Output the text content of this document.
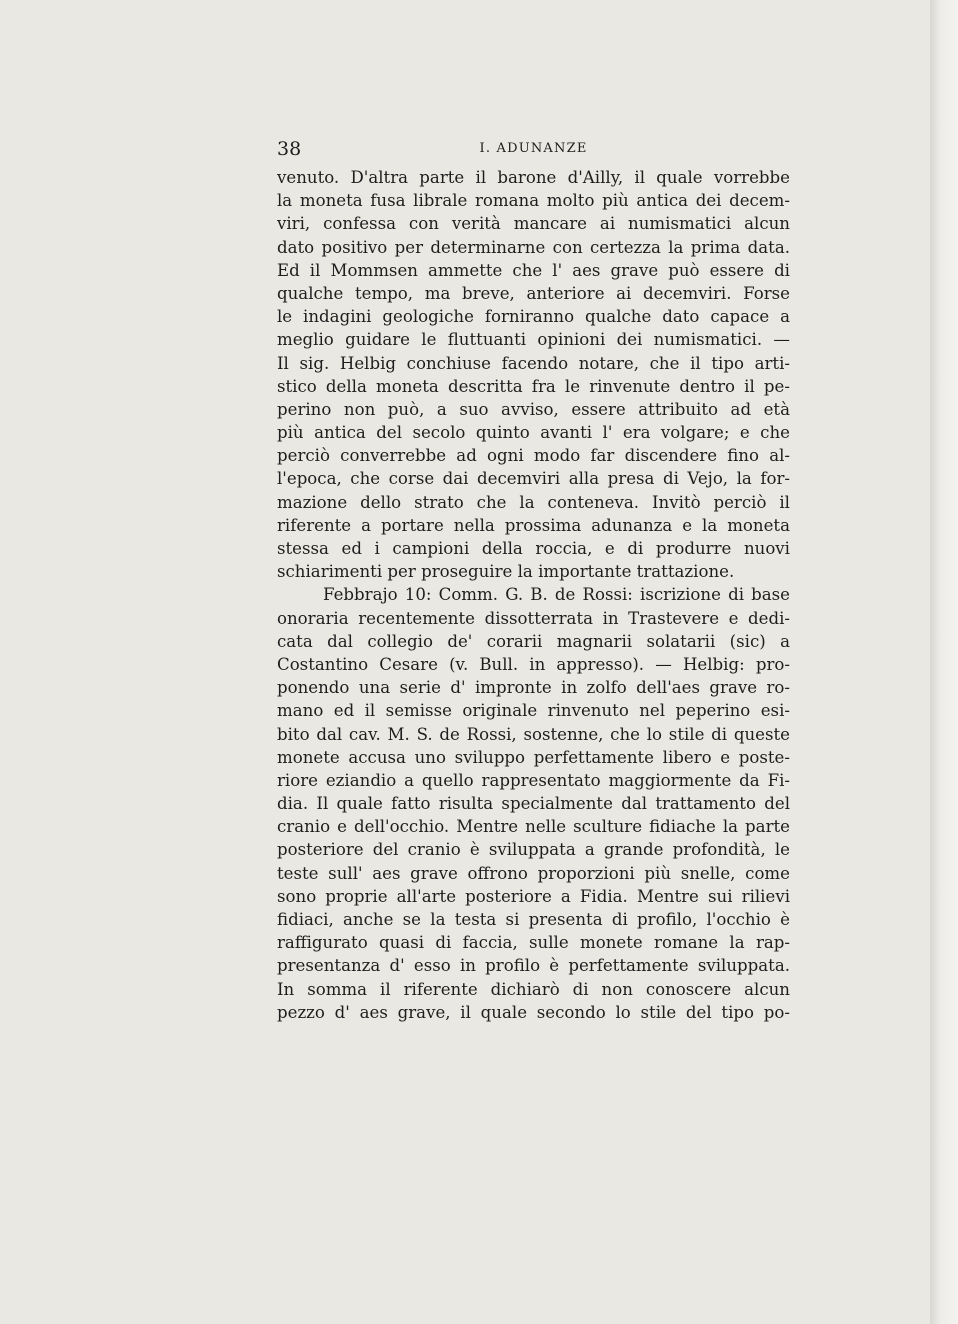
38	I. ADUNANZE
venuto. D'altra parte il barone d'Ailly, il quale vorrebbe
la moneta fusa librale romana molto più antica dei decem-
viri, confessa con verità mancare ai numismatici alcun
dato positivo per determinarne con certezza la prima data.
Ed il Mommsen ammette che l' aes grave può essere di
qualche tempo, ma breve, anteriore ai decemviri. Forse
le indagini geologiche forniranno qualche dato capace a
meglio guidare le fluttuanti opinioni dei numismatici. —
Il sig. Helbig conchiuse facendo notare, che il tipo arti-
stico della moneta descritta fra le rinvenute dentro il pe-
perino non può, a suo avviso, essere attribuito ad età
più antica del secolo quinto avanti l' era volgare; e che
perciò converrebbe ad ogni modo far discendere fino al-
l'epoca, che corse dai decemviri alla presa di Vejo, la for-
mazione dello strato che la conteneva. Invitò perciò il
riferente a portare nella prossima adunanza e la moneta
stessa ed i campioni della roccia, e di produrre nuovi
schiarimenti per proseguire la importante trattazione.
Febbrajo 10: Comm. G. B. de Rossi: iscrizione di base
onoraria recentemente dissotterrata in Trastevere e dedi-
cata dal collegio de' corarii magnarii solatarii (sic) a
Costantino Cesare (v. Bull. in appresso). — Helbig: pro-
ponendo una serie d' impronte in zolfo dell'aes grave ro-
mano ed il semisse originale rinvenuto nel peperino esi-
bito dal cav. M. S. de Rossi, sostenne, che lo stile di queste
monete accusa uno sviluppo perfettamente libero e poste-
riore eziandio a quello rappresentato maggiormente da Fi-
dia. Il quale fatto risulta specialmente dal trattamento del
cranio e dell'occhio. Mentre nelle sculture fidiache la parte
posteriore del cranio è sviluppata a grande profondità, le
teste sull' aes grave offrono proporzioni più snelle, come
sono proprie all'arte posteriore a Fidia. Mentre sui rilievi
fidiaci, anche se la testa si presenta di profilo, l'occhio è
raffigurato quasi di faccia, sulle monete romane la rap-
presentanza d' esso in profilo è perfettamente sviluppata.
In somma il riferente dichiarò di non conoscere alcun
pezzo d' aes grave, il quale secondo lo stile del tipo po-
